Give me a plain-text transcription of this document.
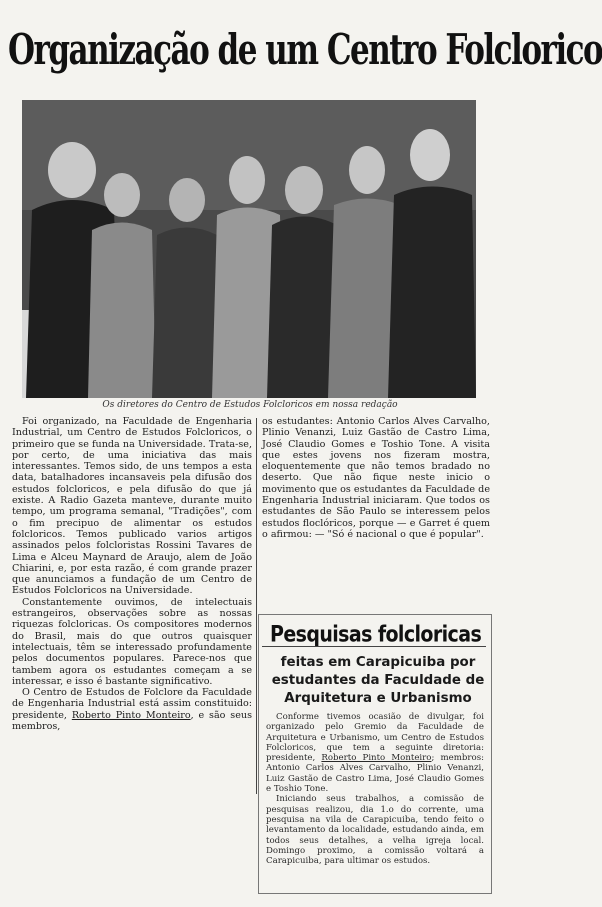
Organização de um Centro Folclorico
Os diretores do Centro de Estudos Folcloricos em nossa redação

Foi organizado, na Faculdade de Engenharia Industrial, um Centro de Estudos Folcloricos, o primeiro que se funda na Universidade. Trata-se, por certo, de uma iniciativa das mais interessantes. Temos sido, de uns tempos a esta data, batalhadores incansaveis pela difusão dos estudos folcloricos, e pela difusão do que já existe. A Radio Gazeta manteve, durante muito tempo, um programa semanal, "Tradições", com o fim precipuo de alimentar os estudos folcloricos. Temos publicado varios artigos assinados pelos folcloristas Rossini Tavares de Lima e Alceu Maynard de Araujo, alem de João Chiarini, e, por esta razão, é com grande prazer que anunciamos a fundação de um Centro de Estudos Folcloricos na Universidade.

Constantemente ouvimos, de intelectuais estrangeiros, observações sobre as nossas riquezas folcloricas. Os compositores modernos do Brasil, mais do que outros quaisquer intelectuais, têm se interessado profundamente pelos documentos populares. Parece-nos que tambem agora os estudantes começam a se interessar, e isso é bastante significativo.

O Centro de Estudos de Folclore da Faculdade de Engenharia Industrial está assim constituido: presidente, Roberto Pinto Monteiro, e são seus membros,

os estudantes: Antonio Carlos Alves Carvalho, Plinio Venanzi, Luiz Gastão de Castro Lima, José Claudio Gomes e Toshio Tone. A visita que estes jovens nos fizeram mostra, eloquentemente que não temos bradado no deserto. Que não fique neste inicio o movimento que os estudantes da Faculdade de Engenharia Industrial iniciaram. Que todos os estudantes de São Paulo se interessem pelos estudos floclóricos, porque — e Garret é quem o afirmou: — "Só é nacional o que é popular".

Pesquisas folcloricas
feitas em Carapicuiba por estudantes da Faculdade de Arquitetura e Urbanismo

Conforme tivemos ocasião de divulgar, foi organizado pelo Gremio da Faculdade de Arquitetura e Urbanismo, um Centro de Estudos Folcloricos, que tem a seguinte diretoria: presidente, Roberto Pinto Monteiro; membros: Antonio Carlos Alves Carvalho, Plinio Venanzi, Luiz Gastão de Castro Lima, José Claudio Gomes e Toshio Tone.

Iniciando seus trabalhos, a comissão de pesquisas realizou, dia 1.o do corrente, uma pesquisa na vila de Carapicuiba, tendo feito o levantamento da localidade, estudando ainda, em todos seus detalhes, a velha igreja local. Domingo proximo, a comissão voltará a Carapicuiba, para ultimar os estudos.
